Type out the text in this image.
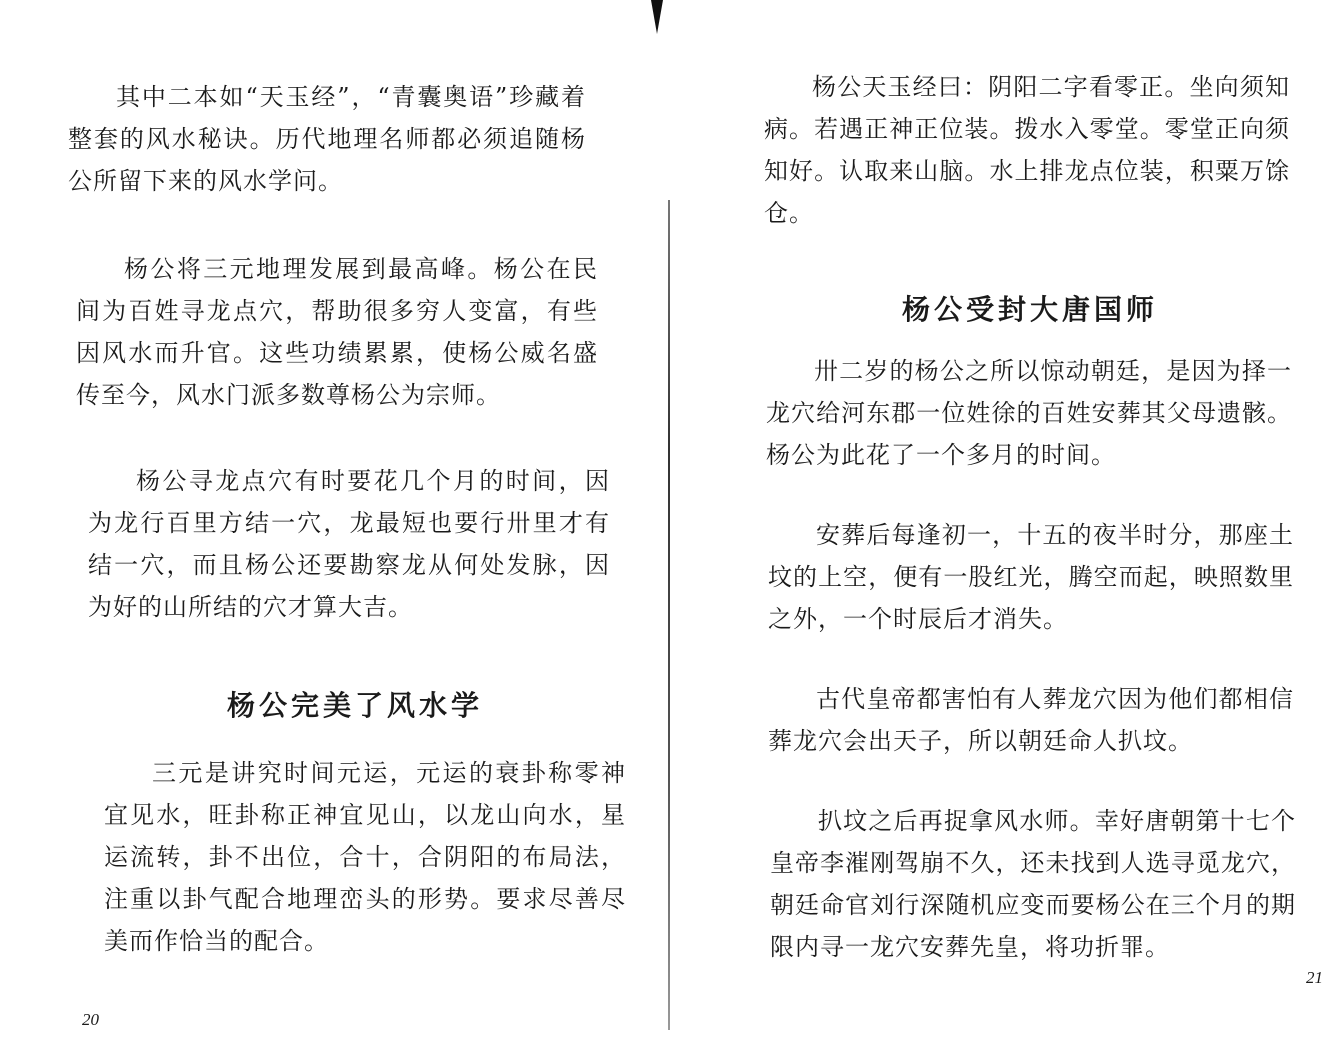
其中二本如“天玉经”，“青囊奥语”珍藏着整套的风水秘诀。历代地理名师都必须追随杨公所留下来的风水学问。

杨公将三元地理发展到最高峰。杨公在民间为百姓寻龙点穴，帮助很多穷人变富，有些因风水而升官。这些功绩累累，使杨公威名盛传至今，风水门派多数尊杨公为宗师。

杨公寻龙点穴有时要花几个月的时间，因为龙行百里方结一穴，龙最短也要行卅里才有结一穴，而且杨公还要勘察龙从何处发脉，因为好的山所结的穴才算大吉。

杨公完美了风水学

三元是讲究时间元运，元运的衰卦称零神宜见水，旺卦称正神宜见山，以龙山向水，星运流转，卦不出位，合十，合阴阳的布局法，注重以卦气配合地理峦头的形势。要求尽善尽美而作恰当的配合。

20

杨公天玉经曰：阴阳二字看零正。坐向须知病。若遇正神正位装。拨水入零堂。零堂正向须知好。认取来山脑。水上排龙点位装，积粟万馀仓。

杨公受封大唐国师

卅二岁的杨公之所以惊动朝廷，是因为择一龙穴给河东郡一位姓徐的百姓安葬其父母遗骸。杨公为此花了一个多月的时间。

安葬后每逢初一，十五的夜半时分，那座土坟的上空，便有一股红光，腾空而起，映照数里之外，一个时辰后才消失。

古代皇帝都害怕有人葬龙穴因为他们都相信葬龙穴会出天子，所以朝廷命人扒坟。

扒坟之后再捉拿风水师。幸好唐朝第十七个皇帝李漼刚驾崩不久，还未找到人选寻觅龙穴，朝廷命官刘行深随机应变而要杨公在三个月的期限内寻一龙穴安葬先皇，将功折罪。

21
